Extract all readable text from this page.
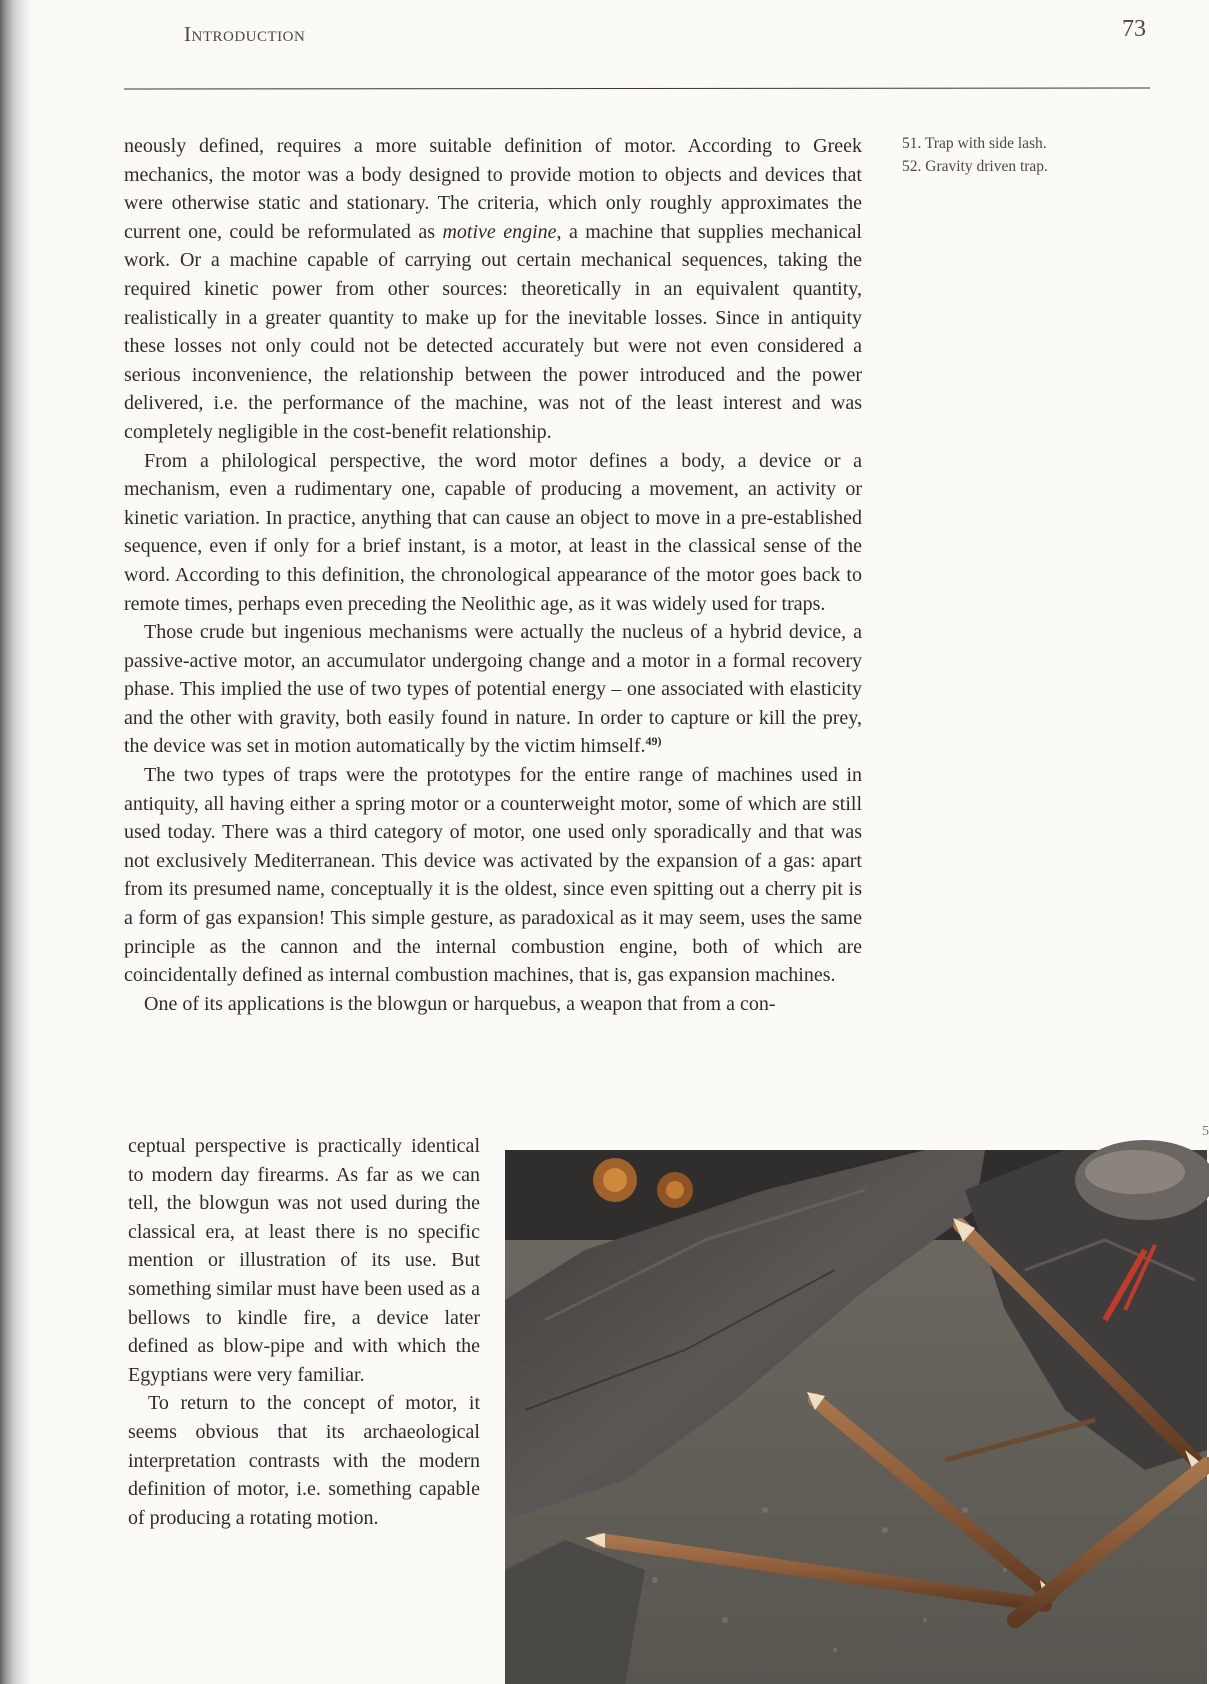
Introduction	73
51. Trap with side lash.
52. Gravity driven trap.

neously defined, requires a more suitable definition of motor. According to Greek mechanics, the motor was a body designed to provide motion to objects and devices that were otherwise static and stationary. The criteria, which only roughly approximates the current one, could be reformulated as motive engine, a machine that supplies mechanical work. Or a machine capable of carrying out certain mechanical sequences, taking the required kinetic power from other sources: theoretically in an equivalent quantity, realistically in a greater quantity to make up for the inevitable losses. Since in antiquity these losses not only could not be detected accurately but were not even considered a serious inconvenience, the relationship between the power introduced and the power delivered, i.e. the performance of the machine, was not of the least interest and was completely negligible in the cost-benefit relationship.

From a philological perspective, the word motor defines a body, a device or a mechanism, even a rudimentary one, capable of producing a movement, an activity or kinetic variation. In practice, anything that can cause an object to move in a pre-established sequence, even if only for a brief instant, is a motor, at least in the classical sense of the word. According to this definition, the chronological appearance of the motor goes back to remote times, perhaps even preceding the Neolithic age, as it was widely used for traps.

Those crude but ingenious mechanisms were actually the nucleus of a hybrid device, a passive-active motor, an accumulator undergoing change and a motor in a formal recovery phase. This implied the use of two types of potential energy – one associated with elasticity and the other with gravity, both easily found in nature. In order to capture or kill the prey, the device was set in motion automatically by the victim himself.$^{49)}$

The two types of traps were the prototypes for the entire range of machines used in antiquity, all having either a spring motor or a counterweight motor, some of which are still used today. There was a third category of motor, one used only sporadically and that was not exclusively Mediterranean. This device was activated by the expansion of a gas: apart from its presumed name, conceptually it is the oldest, since even spitting out a cherry pit is a form of gas expansion! This simple gesture, as paradoxical as it may seem, uses the same principle as the cannon and the internal combustion engine, both of which are coincidentally defined as internal combustion machines, that is, gas expansion machines.

One of its applications is the blowgun or harquebus, a weapon that from a con-

ceptual perspective is practically identical to modern day firearms. As far as we can tell, the blowgun was not used during the classical era, at least there is no specific mention or illustration of its use. But something similar must have been used as a bellows to kindle fire, a device later defined as blow-pipe and with which the Egyptians were very familiar.

To return to the concept of motor, it seems obvious that its archaeological interpretation contrasts with the modern definition of motor, i.e. something capable of producing a rotating motion.

5
